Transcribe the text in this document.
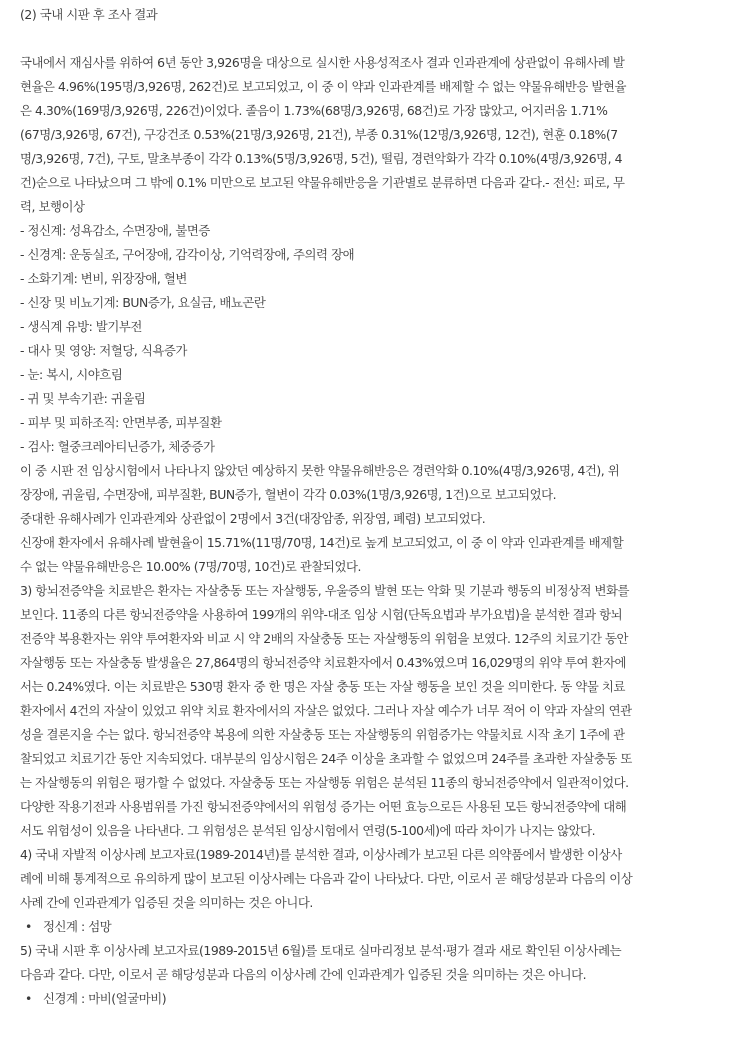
(2) 국내 시판 후 조사 결과
국내에서 재심사를 위하여 6년 동안 3,926명을 대상으로 실시한 사용성적조사 결과 인과관계에 상관없이 유해사례 발
현율은 4.96%(195명/3,926명, 262건)로 보고되었고, 이 중 이 약과 인과관계를 배제할 수 없는 약물유해반응 발현율
은 4.30%(169명/3,926명, 226건)이었다. 졸음이 1.73%(68명/3,926명, 68건)로 가장 많았고, 어지러움 1.71%
(67명/3,926명, 67건), 구강건조 0.53%(21명/3,926명, 21건), 부종 0.31%(12명/3,926명, 12건), 현훈 0.18%(7
명/3,926명, 7건), 구토, 말초부종이 각각 0.13%(5명/3,926명, 5건), 떨림, 경련악화가 각각 0.10%(4명/3,926명, 4
건)순으로 나타났으며 그 밖에 0.1% 미만으로 보고된 약물유해반응을 기관별로 분류하면 다음과 같다.- 전신: 피로, 무
력, 보행이상
- 정신계: 성욕감소, 수면장애, 불면증
- 신경계: 운동실조, 구어장애, 감각이상, 기억력장애, 주의력 장애
- 소화기계: 변비, 위장장애, 혈변
- 신장 및 비뇨기계: BUN증가, 요실금, 배뇨곤란
- 생식계 유방: 발기부전
- 대사 및 영양: 저혈당, 식욕증가
- 눈: 복시, 시야흐림
- 귀 및 부속기관: 귀울림
- 피부 및 피하조직: 안면부종, 피부질환
- 검사: 혈중크레아티닌증가, 체중증가
이 중 시판 전 임상시험에서 나타나지 않았던 예상하지 못한 약물유해반응은 경련악화 0.10%(4명/3,926명, 4건), 위
장장애, 귀울림, 수면장애, 피부질환, BUN증가, 혈변이 각각 0.03%(1명/3,926명, 1건)으로 보고되었다.
중대한 유해사례가 인과관계와 상관없이 2명에서 3건(대장암종, 위장염, 폐렴) 보고되었다.
신장애 환자에서 유해사례 발현율이 15.71%(11명/70명, 14건)로 높게 보고되었고, 이 중 이 약과 인과관계를 배제할
수 없는 약물유해반응은 10.00% (7명/70명, 10건)로 관찰되었다.
3) 항뇌전증약을 치료받은 환자는 자살충동 또는 자살행동, 우울증의 발현 또는 악화 및 기분과 행동의 비정상적 변화를
보인다. 11종의 다른 항뇌전증약을 사용하여 199개의 위약-대조 임상 시험(단독요법과 부가요법)을 분석한 결과 항뇌
전증약 복용환자는 위약 투여환자와 비교 시 약 2배의 자살충동 또는 자살행동의 위험을 보였다. 12주의 치료기간 동안
자살행동 또는 자살충동 발생율은 27,864명의 항뇌전증약 치료환자에서 0.43%였으며 16,029명의 위약 투여 환자에
서는 0.24%였다. 이는 치료받은 530명 환자 중 한 명은 자살 충동 또는 자살 행동을 보인 것을 의미한다. 동 약물 치료
환자에서 4건의 자살이 있었고 위약 치료 환자에서의 자살은 없었다. 그러나 자살 예수가 너무 적어 이 약과 자살의 연관
성을 결론지을 수는 없다. 항뇌전증약 복용에 의한 자살충동 또는 자살행동의 위험증가는 약물치료 시작 초기 1주에 관
찰되었고 치료기간 동안 지속되었다. 대부분의 임상시험은 24주 이상을 초과할 수 없었으며 24주를 초과한 자살충동 또
는 자살행동의 위험은 평가할 수 없었다. 자살충동 또는 자살행동 위험은 분석된 11종의 항뇌전증약에서 일관적이었다.
다양한 작용기전과 사용범위를 가진 항뇌전증약에서의 위험성 증가는 어떤 효능으로든 사용된 모든 항뇌전증약에 대해
서도 위험성이 있음을 나타낸다. 그 위험성은 분석된 임상시험에서 연령(5-100세)에 따라 차이가 나지는 않았다.
4) 국내 자발적 이상사례 보고자료(1989-2014년)를 분석한 결과, 이상사례가 보고된 다른 의약품에서 발생한 이상사
례에 비해 통계적으로 유의하게 많이 보고된 이상사례는 다음과 같이 나타났다. 다만, 이로서 곧 해당성분과 다음의 이상
사례 간에 인과관계가 입증된 것을 의미하는 것은 아니다.
• 정신계 : 섬망
5) 국내 시판 후 이상사례 보고자료(1989-2015년 6월)를 토대로 실마리정보 분석·평가 결과 새로 확인된 이상사례는
다음과 같다. 다만, 이로서 곧 해당성분과 다음의 이상사례 간에 인과관계가 입증된 것을 의미하는 것은 아니다.
• 신경계 : 마비(얼굴마비)
